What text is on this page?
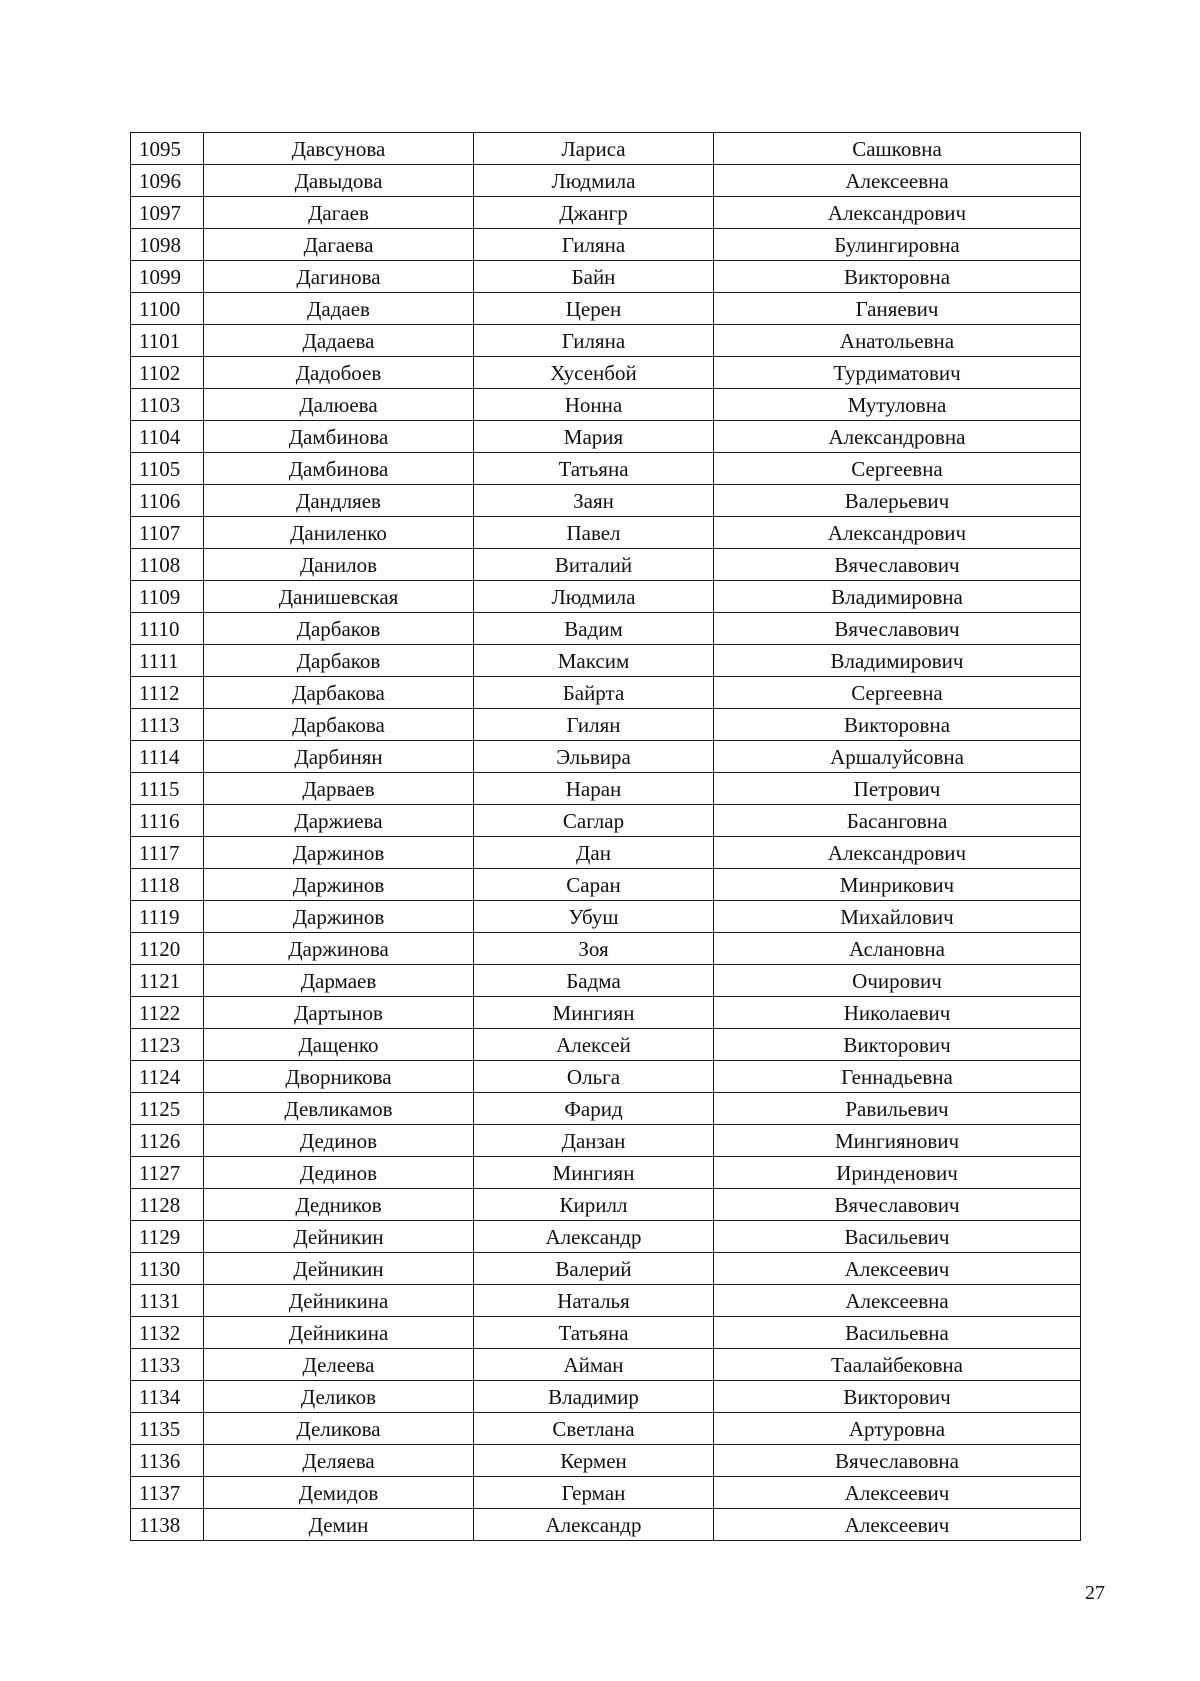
1095	Давсунова	Лариса	Сашковна
1096	Давыдова	Людмила	Алексеевна
1097	Дагаев	Джангр	Александрович
1098	Дагаева	Гиляна	Булингировна
1099	Дагинова	Байн	Викторовна
1100	Дадаев	Церен	Ганяевич
1101	Дадаева	Гиляна	Анатольевна
1102	Дадобоев	Хусенбой	Турдиматович
1103	Далюева	Нонна	Мутуловна
1104	Дамбинова	Мария	Александровна
1105	Дамбинова	Татьяна	Сергеевна
1106	Дандляев	Заян	Валерьевич
1107	Даниленко	Павел	Александрович
1108	Данилов	Виталий	Вячеславович
1109	Данишевская	Людмила	Владимировна
1110	Дарбаков	Вадим	Вячеславович
1111	Дарбаков	Максим	Владимирович
1112	Дарбакова	Байрта	Сергеевна
1113	Дарбакова	Гилян	Викторовна
1114	Дарбинян	Эльвира	Аршалуйсовна
1115	Дарваев	Наран	Петрович
1116	Даржиева	Саглар	Басанговна
1117	Даржинов	Дан	Александрович
1118	Даржинов	Саран	Минрикович
1119	Даржинов	Убуш	Михайлович
1120	Даржинова	Зоя	Аслановна
1121	Дармаев	Бадма	Очирович
1122	Дартынов	Мингиян	Николаевич
1123	Дащенко	Алексей	Викторович
1124	Дворникова	Ольга	Геннадьевна
1125	Девликамов	Фарид	Равильевич
1126	Дединов	Данзан	Мингиянович
1127	Дединов	Мингиян	Иринденович
1128	Дедников	Кирилл	Вячеславович
1129	Дейникин	Александр	Васильевич
1130	Дейникин	Валерий	Алексеевич
1131	Дейникина	Наталья	Алексеевна
1132	Дейникина	Татьяна	Васильевна
1133	Делеева	Айман	Таалайбековна
1134	Деликов	Владимир	Викторович
1135	Деликова	Светлана	Артуровна
1136	Деляева	Кермен	Вячеславовна
1137	Демидов	Герман	Алексеевич
1138	Демин	Александр	Алексеевич
27
